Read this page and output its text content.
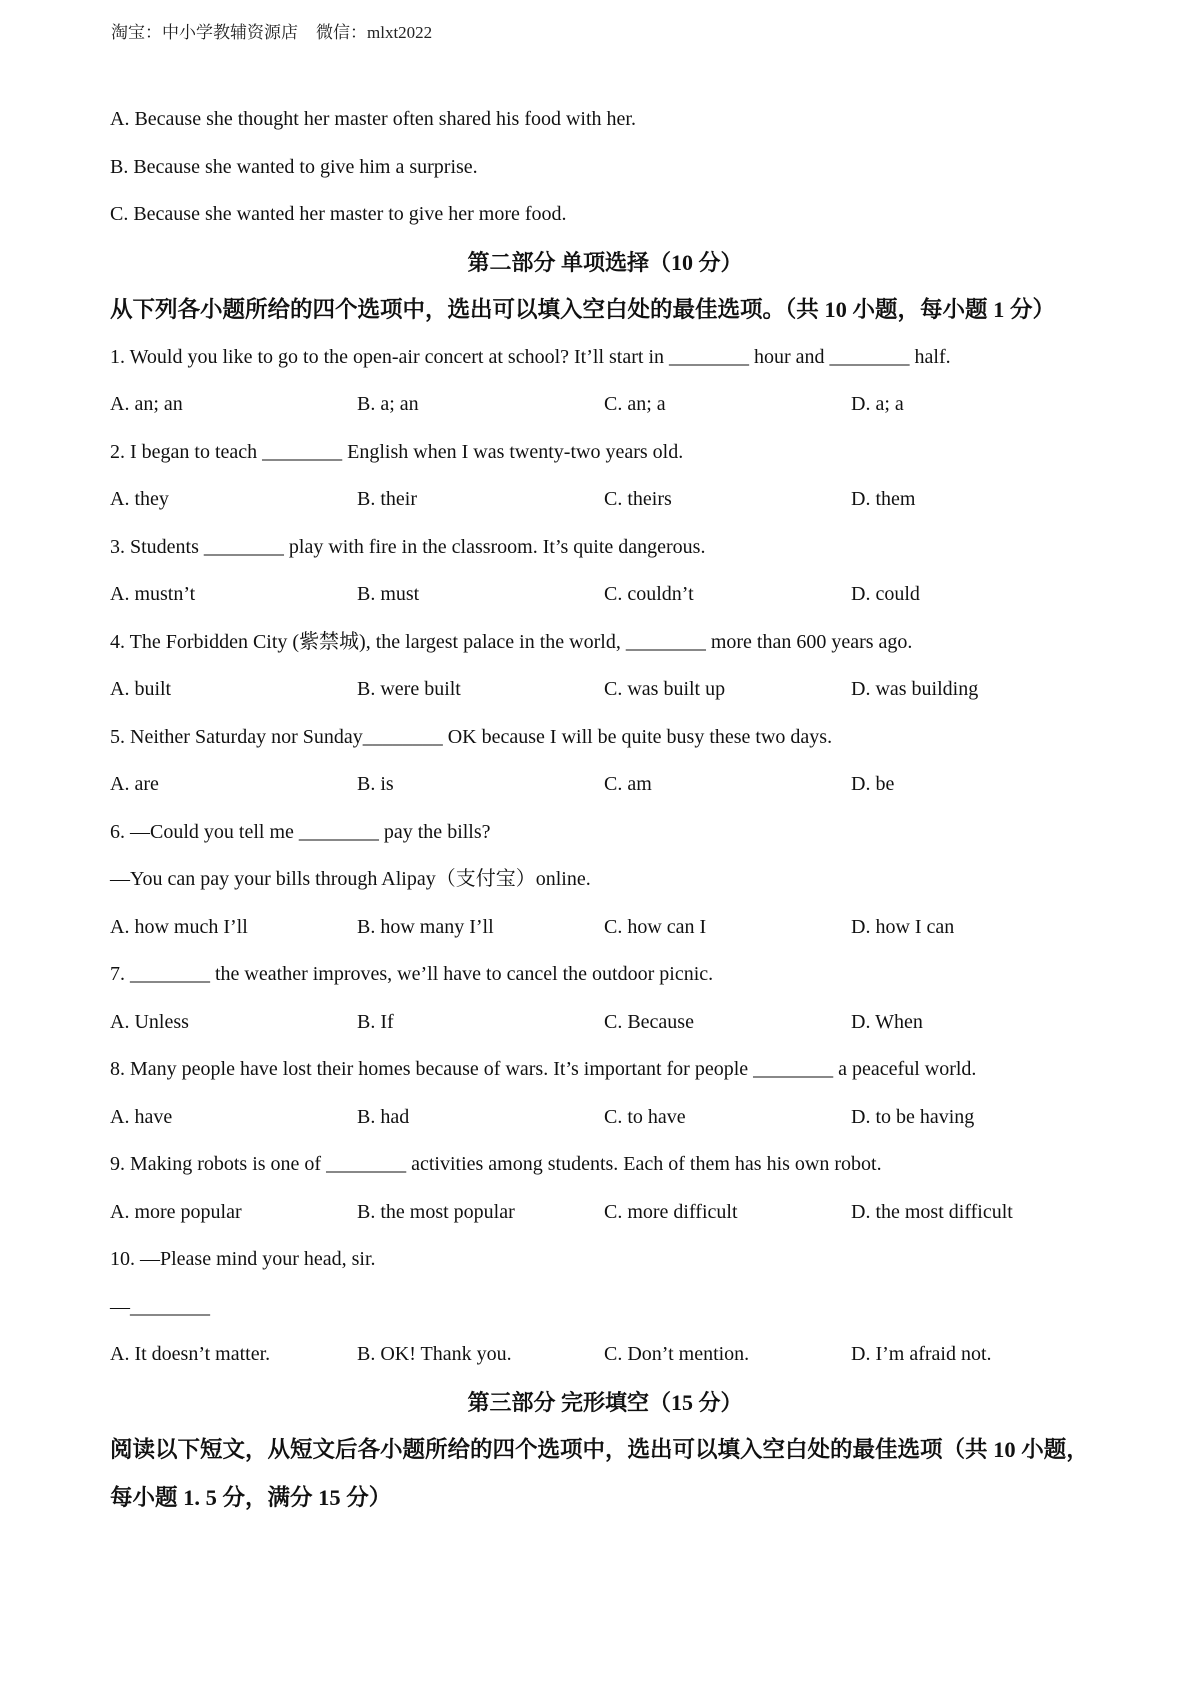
淘宝：中小学教辅资源店 微信：mlxt2022
A. Because she thought her master often shared his food with her.
B. Because she wanted to give him a surprise.
C. Because she wanted her master to give her more food.
第二部分 单项选择（10 分）
从下列各小题所给的四个选项中，选出可以填入空白处的最佳选项。（共 10 小题，每小题 1 分）
1. Would you like to go to the open-air concert at school? It’ll start in ________ hour and ________ half.
A. an; an	B. a; an	C. an; a	D. a; a
2. I began to teach ________ English when I was twenty-two years old.
A. they	B. their	C. theirs	D. them
3. Students ________ play with fire in the classroom. It’s quite dangerous.
A. mustn’t	B. must	C. couldn’t	D. could
4. The Forbidden City (紫禁城), the largest palace in the world, ________ more than 600 years ago.
A. built	B. were built	C. was built up	D. was building
5. Neither Saturday nor Sunday________ OK because I will be quite busy these two days.
A. are	B. is	C. am	D. be
6. —Could you tell me ________ pay the bills?
—You can pay your bills through Alipay（支付宝）online.
A. how much I’ll	B. how many I’ll	C. how can I	D. how I can
7. ________ the weather improves, we’ll have to cancel the outdoor picnic.
A. Unless	B. If	C. Because	D. When
8. Many people have lost their homes because of wars. It’s important for people ________ a peaceful world.
A. have	B. had	C. to have	D. to be having
9. Making robots is one of ________ activities among students. Each of them has his own robot.
A. more popular	B. the most popular	C. more difficult	D. the most difficult
10. —Please mind your head, sir.
—________
A. It doesn’t matter.	B. OK! Thank you.	C. Don’t mention.	D. I’m afraid not.
第三部分 完形填空（15 分）
阅读以下短文，从短文后各小题所给的四个选项中，选出可以填入空白处的最佳选项（共 10 小题，每小题 1. 5 分，满分 15 分）
